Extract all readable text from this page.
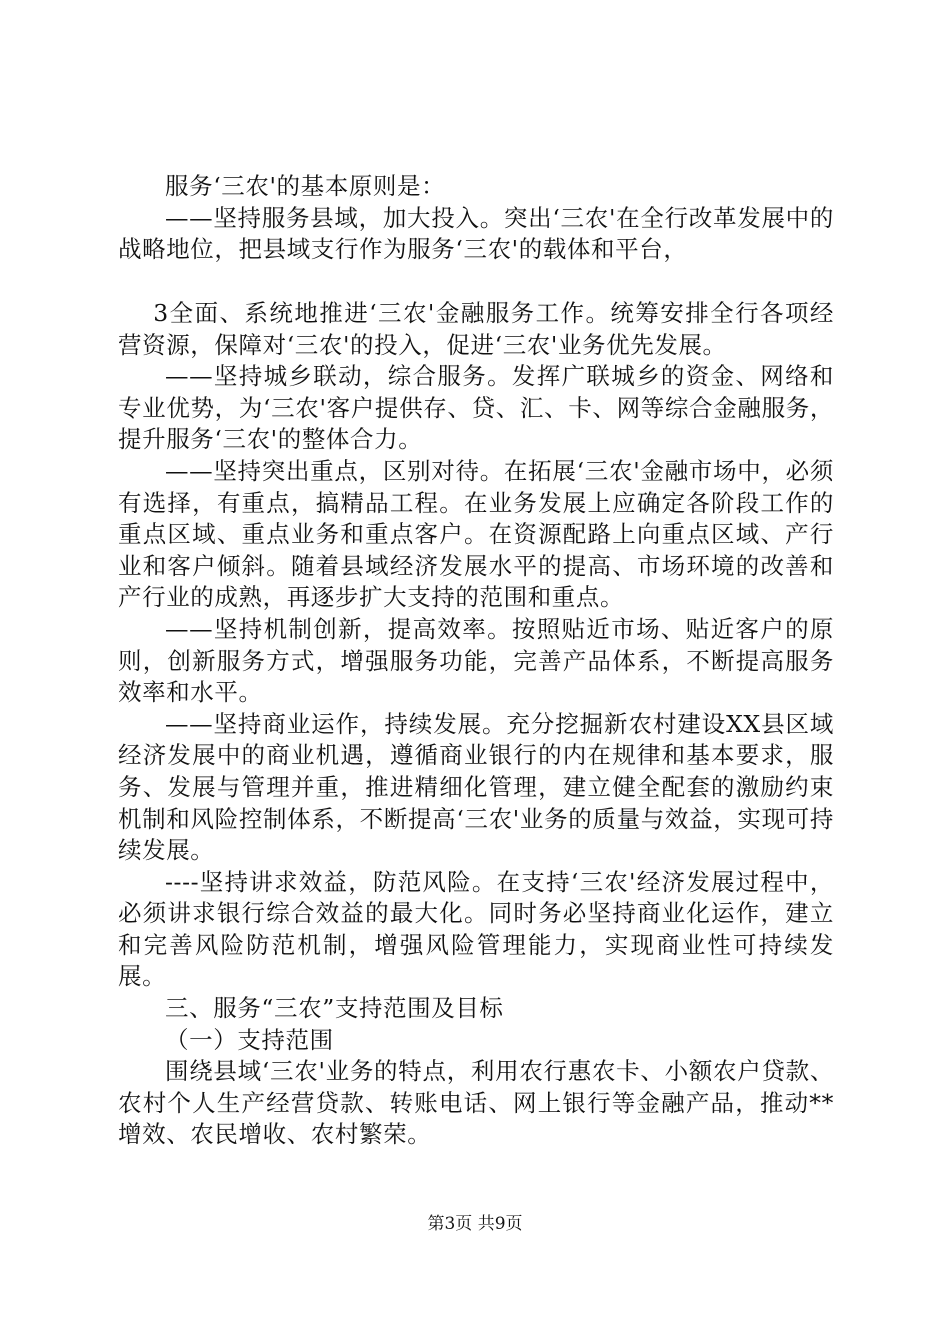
服务‘三农'的基本原则是：

——坚持服务县域，加大投入。突出‘三农'在全行改革发展中的战略地位，把县域支行作为服务‘三农'的载体和平台，

3全面、系统地推进‘三农'金融服务工作。统筹安排全行各项经营资源，保障对‘三农'的投入，促进‘三农'业务优先发展。

——坚持城乡联动，综合服务。发挥广联城乡的资金、网络和专业优势，为‘三农'客户提供存、贷、汇、卡、网等综合金融服务，提升服务‘三农'的整体合力。

——坚持突出重点，区别对待。在拓展‘三农'金融市场中，必须有选择，有重点，搞精品工程。在业务发展上应确定各阶段工作的重点区域、重点业务和重点客户。在资源配路上向重点区域、产行业和客户倾斜。随着县域经济发展水平的提高、市场环境的改善和产行业的成熟，再逐步扩大支持的范围和重点。

——坚持机制创新，提高效率。按照贴近市场、贴近客户的原则，创新服务方式，增强服务功能，完善产品体系，不断提高服务效率和水平。

——坚持商业运作，持续发展。充分挖掘新农村建设XX县区域经济发展中的商业机遇，遵循商业银行的内在规律和基本要求，服务、发展与管理并重，推进精细化管理，建立健全配套的激励约束机制和风险控制体系，不断提高‘三农'业务的质量与效益，实现可持续发展。

----坚持讲求效益，防范风险。在支持‘三农'经济发展过程中，必须讲求银行综合效益的最大化。同时务必坚持商业化运作，建立和完善风险防范机制，增强风险管理能力，实现商业性可持续发展。

三、服务“三农”支持范围及目标

（一）支持范围

围绕县域‘三农'业务的特点，利用农行惠农卡、小额农户贷款、农村个人生产经营贷款、转账电话、网上银行等金融产品，推动**增效、农民增收、农村繁荣。

第3页 共9页
